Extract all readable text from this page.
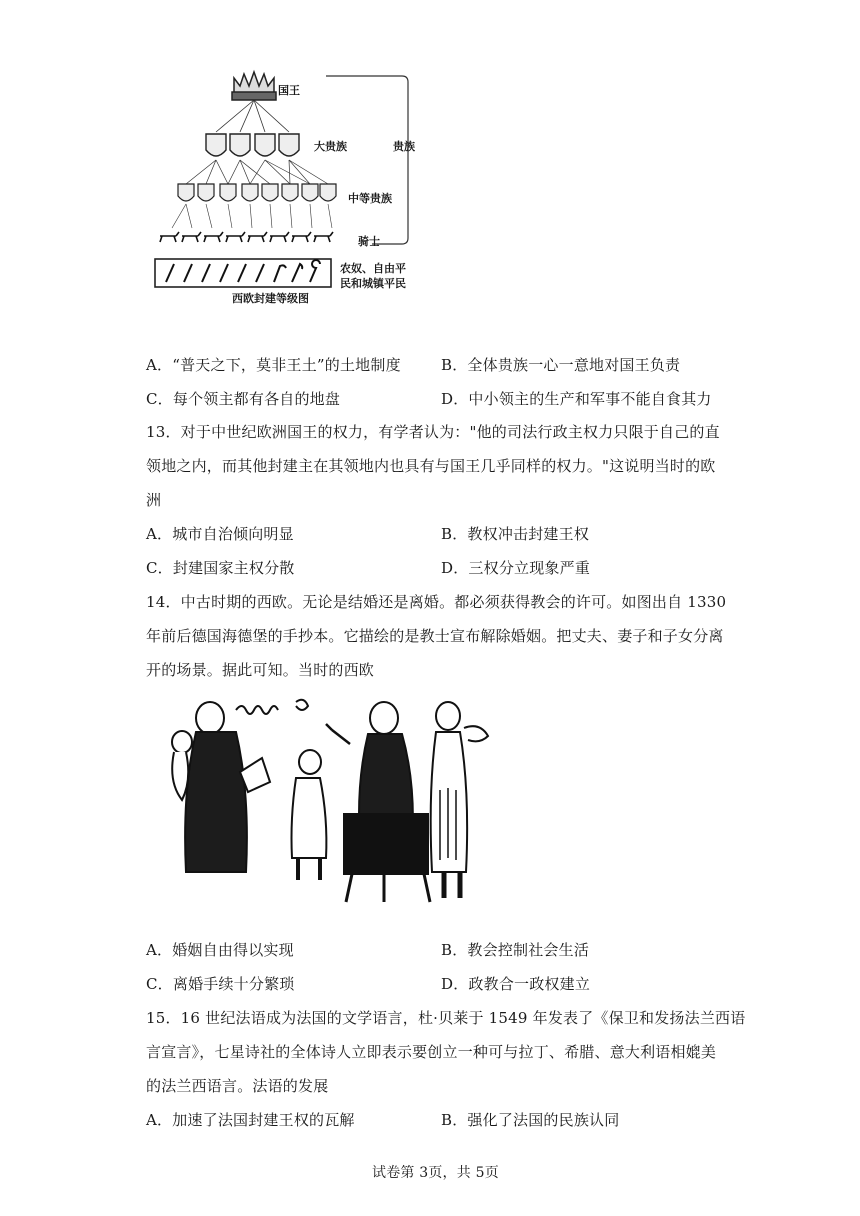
国王
大贵族	贵族
中等贵族
骑士
农奴、自由平
民和城镇平民
西欧封建等级图
A．“普天之下，莫非王土”的土地制度	B．全体贵族一心一意地对国王负责
C．每个领主都有各自的地盘	D．中小领主的生产和军事不能自食其力
13．对于中世纪欧洲国王的权力，有学者认为："他的司法行政主权力只限于自己的直
领地之内，而其他封建主在其领地内也具有与国王几乎同样的权力。"这说明当时的欧
洲
A．城市自治倾向明显	B．教权冲击封建王权
C．封建国家主权分散	D．三权分立现象严重
14．中古时期的西欧。无论是结婚还是离婚。都必须获得教会的许可。如图出自 1330
年前后德国海德堡的手抄本。它描绘的是教士宣布解除婚姻。把丈夫、妻子和子女分离
开的场景。据此可知。当时的西欧
A．婚姻自由得以实现	B．教会控制社会生活
C．离婚手续十分繁琐	D．政教合一政权建立
15．16 世纪法语成为法国的文学语言，杜·贝莱于 1549 年发表了《保卫和发扬法兰西语
言宣言》，七星诗社的全体诗人立即表示要创立一种可与拉丁、希腊、意大利语相媲美
的法兰西语言。法语的发展
A．加速了法国封建王权的瓦解	B．强化了法国的民族认同
试卷第 3页，共 5页
